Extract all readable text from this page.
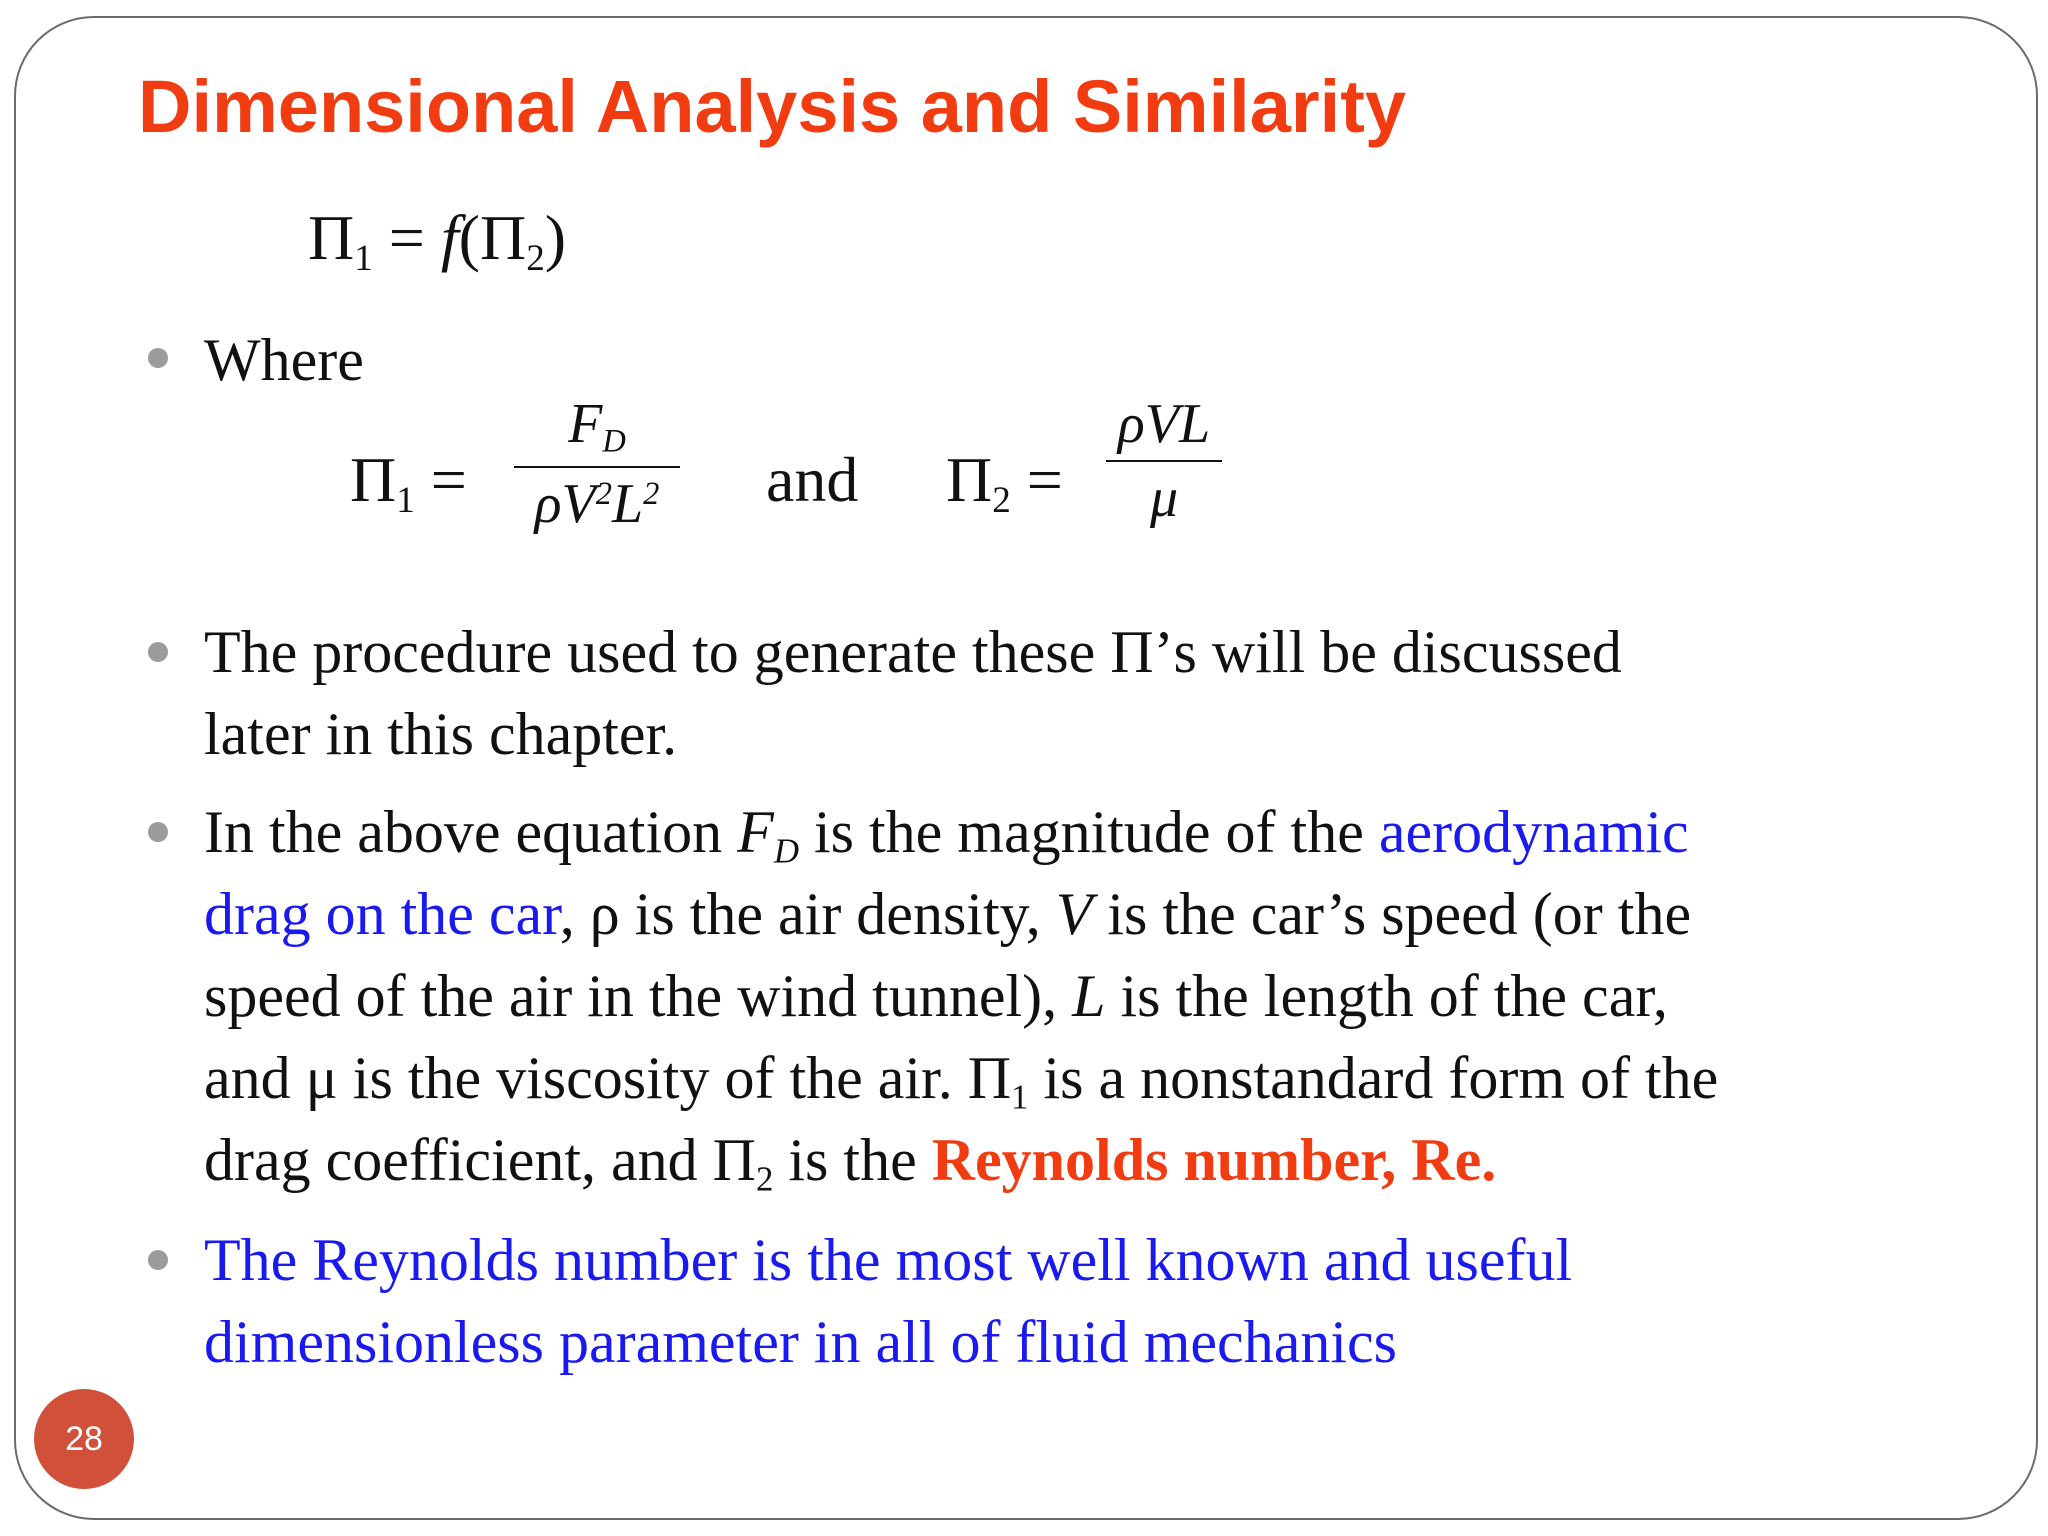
Dimensional Analysis and Similarity
$\Pi_1 = f(\Pi_2)$
Where
$\Pi_1$ =
$F_D$
$\rho V^2L^2$	and $\Pi_2$ =
ρVL
μ
The procedure used to generate these Π’s will be discussed
later in this chapter.
In the above equation $F_D$ is the magnitude of the aerodynamic
drag on the car, ρ is the air density, V is the car’s speed (or the
speed of the air in the wind tunnel), L is the length of the car,
and μ is the viscosity of the air. $\Pi_1$ is a nonstandard form of the
drag coefficient, and $\Pi_2$ is the Reynolds number, Re.
The Reynolds number is the most well known and useful
dimensionless parameter in all of fluid mechanics
28
